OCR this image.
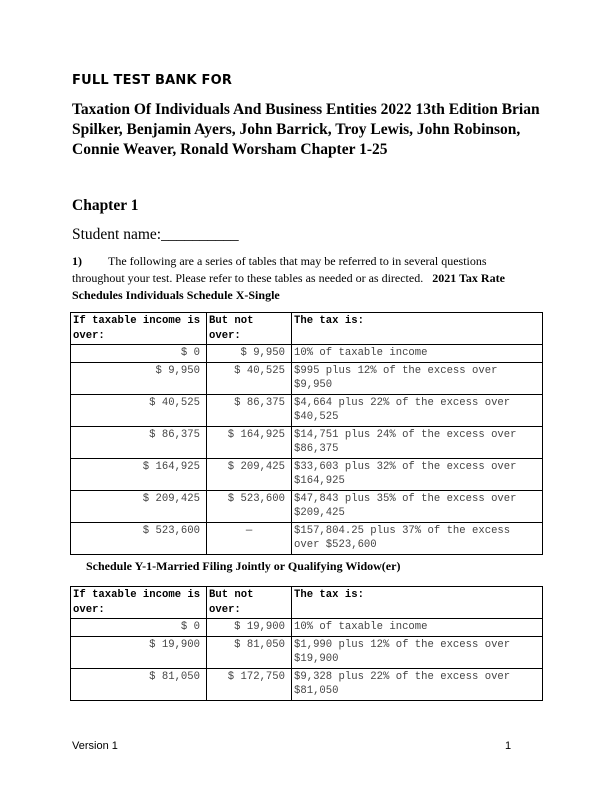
FULL TEST BANK FOR
Taxation Of Individuals And Business Entities 2022 13th Edition Brian Spilker, Benjamin Ayers, John Barrick, Troy Lewis, John Robinson, Connie Weaver, Ronald Worsham Chapter 1-25
Chapter 1
Student name:__________
1) The following are a series of tables that may be referred to in several questions throughout your test. Please refer to these tables as needed or as directed. 2021 Tax Rate Schedules Individuals Schedule X-Single
If taxable income is over:	But not over:	The tax is:
$ 0	$ 9,950	10% of taxable income
$ 9,950	$ 40,525	$995 plus 12% of the excess over $9,950
$ 40,525	$ 86,375	$4,664 plus 22% of the excess over $40,525
$ 86,375	$ 164,925	$14,751 plus 24% of the excess over $86,375
$ 164,925	$ 209,425	$33,603 plus 32% of the excess over $164,925
$ 209,425	$ 523,600	$47,843 plus 35% of the excess over $209,425
$ 523,600	—	$157,804.25 plus 37% of the excess over $523,600
Schedule Y-1-Married Filing Jointly or Qualifying Widow(er)
If taxable income is over:	But not over:	The tax is:
$ 0	$ 19,900	10% of taxable income
$ 19,900	$ 81,050	$1,990 plus 12% of the excess over $19,900
$ 81,050	$ 172,750	$9,328 plus 22% of the excess over $81,050
Version 1	1
